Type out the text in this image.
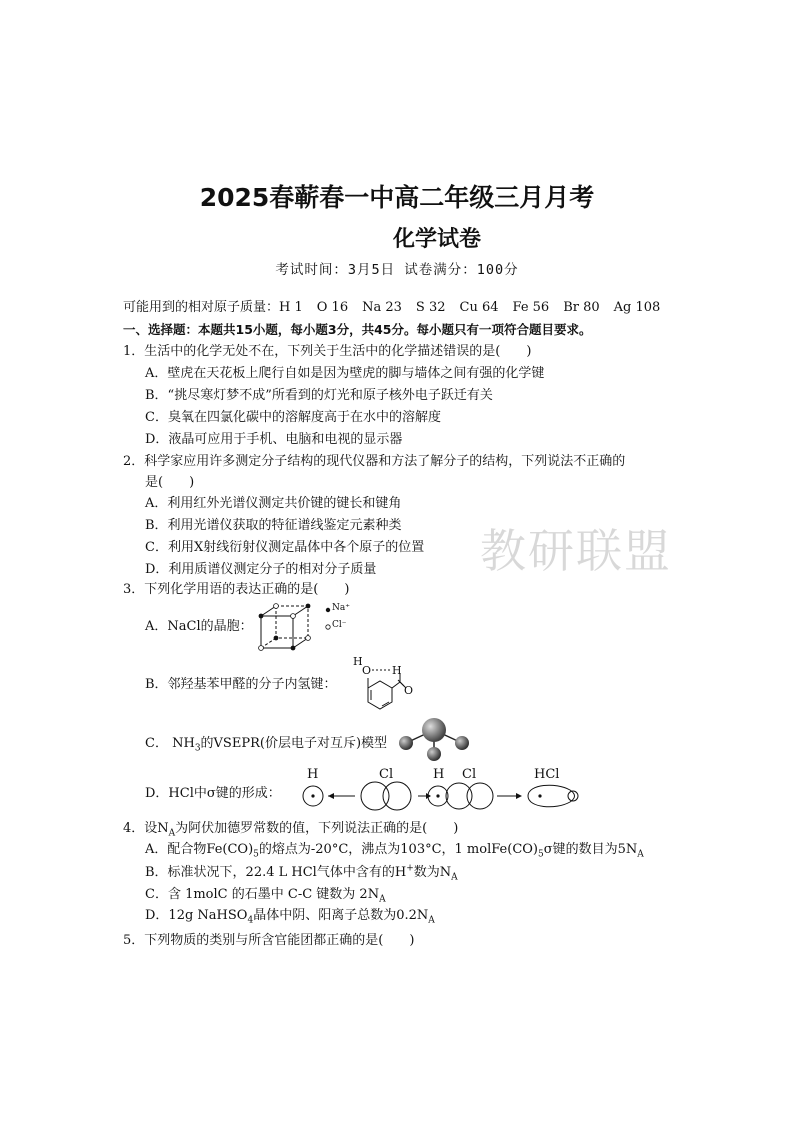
教研联盟
2025春蕲春一中高二年级三月月考
化学试卷
考试时间：3月5日 试卷满分：100分
可能用到的相对原子质量：H 1 O 16 Na 23 S 32 Cu 64 Fe 56 Br 80 Ag 108
一、选择题：本题共15小题，每小题3分，共45分。每小题只有一项符合题目要求。
1．生活中的化学无处不在，下列关于生活中的化学描述错误的是(　　)
A．壁虎在天花板上爬行自如是因为壁虎的脚与墙体之间有强的化学键
B．“挑尽寒灯梦不成”所看到的灯光和原子核外电子跃迁有关
C．臭氧在四氯化碳中的溶解度高于在水中的溶解度
D．液晶可应用于手机、电脑和电视的显示器
2．科学家应用许多测定分子结构的现代仪器和方法了解分子的结构，下列说法不正确的
是(　　)
A．利用红外光谱仪测定共价键的键长和键角
B．利用光谱仪获取的特征谱线鉴定元素种类
C．利用X射线衍射仪测定晶体中各个原子的位置
D．利用质谱仪测定分子的相对分子质量
3．下列化学用语的表达正确的是(　　)
A．NaCl的晶胞：
Na⁺
Cl⁻
B．邻羟基苯甲醛的分子内氢键：
H
O H
O
C． $NH_3$的VSEPR(价层电子对互斥)模型
D．HCl中σ键的形成：
H	Cl	H Cl	HCl
4．设$N_A$为阿伏加德罗常数的值，下列说法正确的是(　　)
A．配合物$Fe(CO)_5$的熔点为-20°C，沸点为103°C，1 $molFe(CO)_5\sigma$键的数目为$5N_A$
B．标准状况下，22.4 L HCl气体中含有的H+数为$N_A$
C．含 1molC 的石墨中 C-C 键数为 $2N_A$
D．12g NaHSO$_4$晶体中阴、阳离子总数为$0.2N_A$
5．下列物质的类别与所含官能团都正确的是(　　)
